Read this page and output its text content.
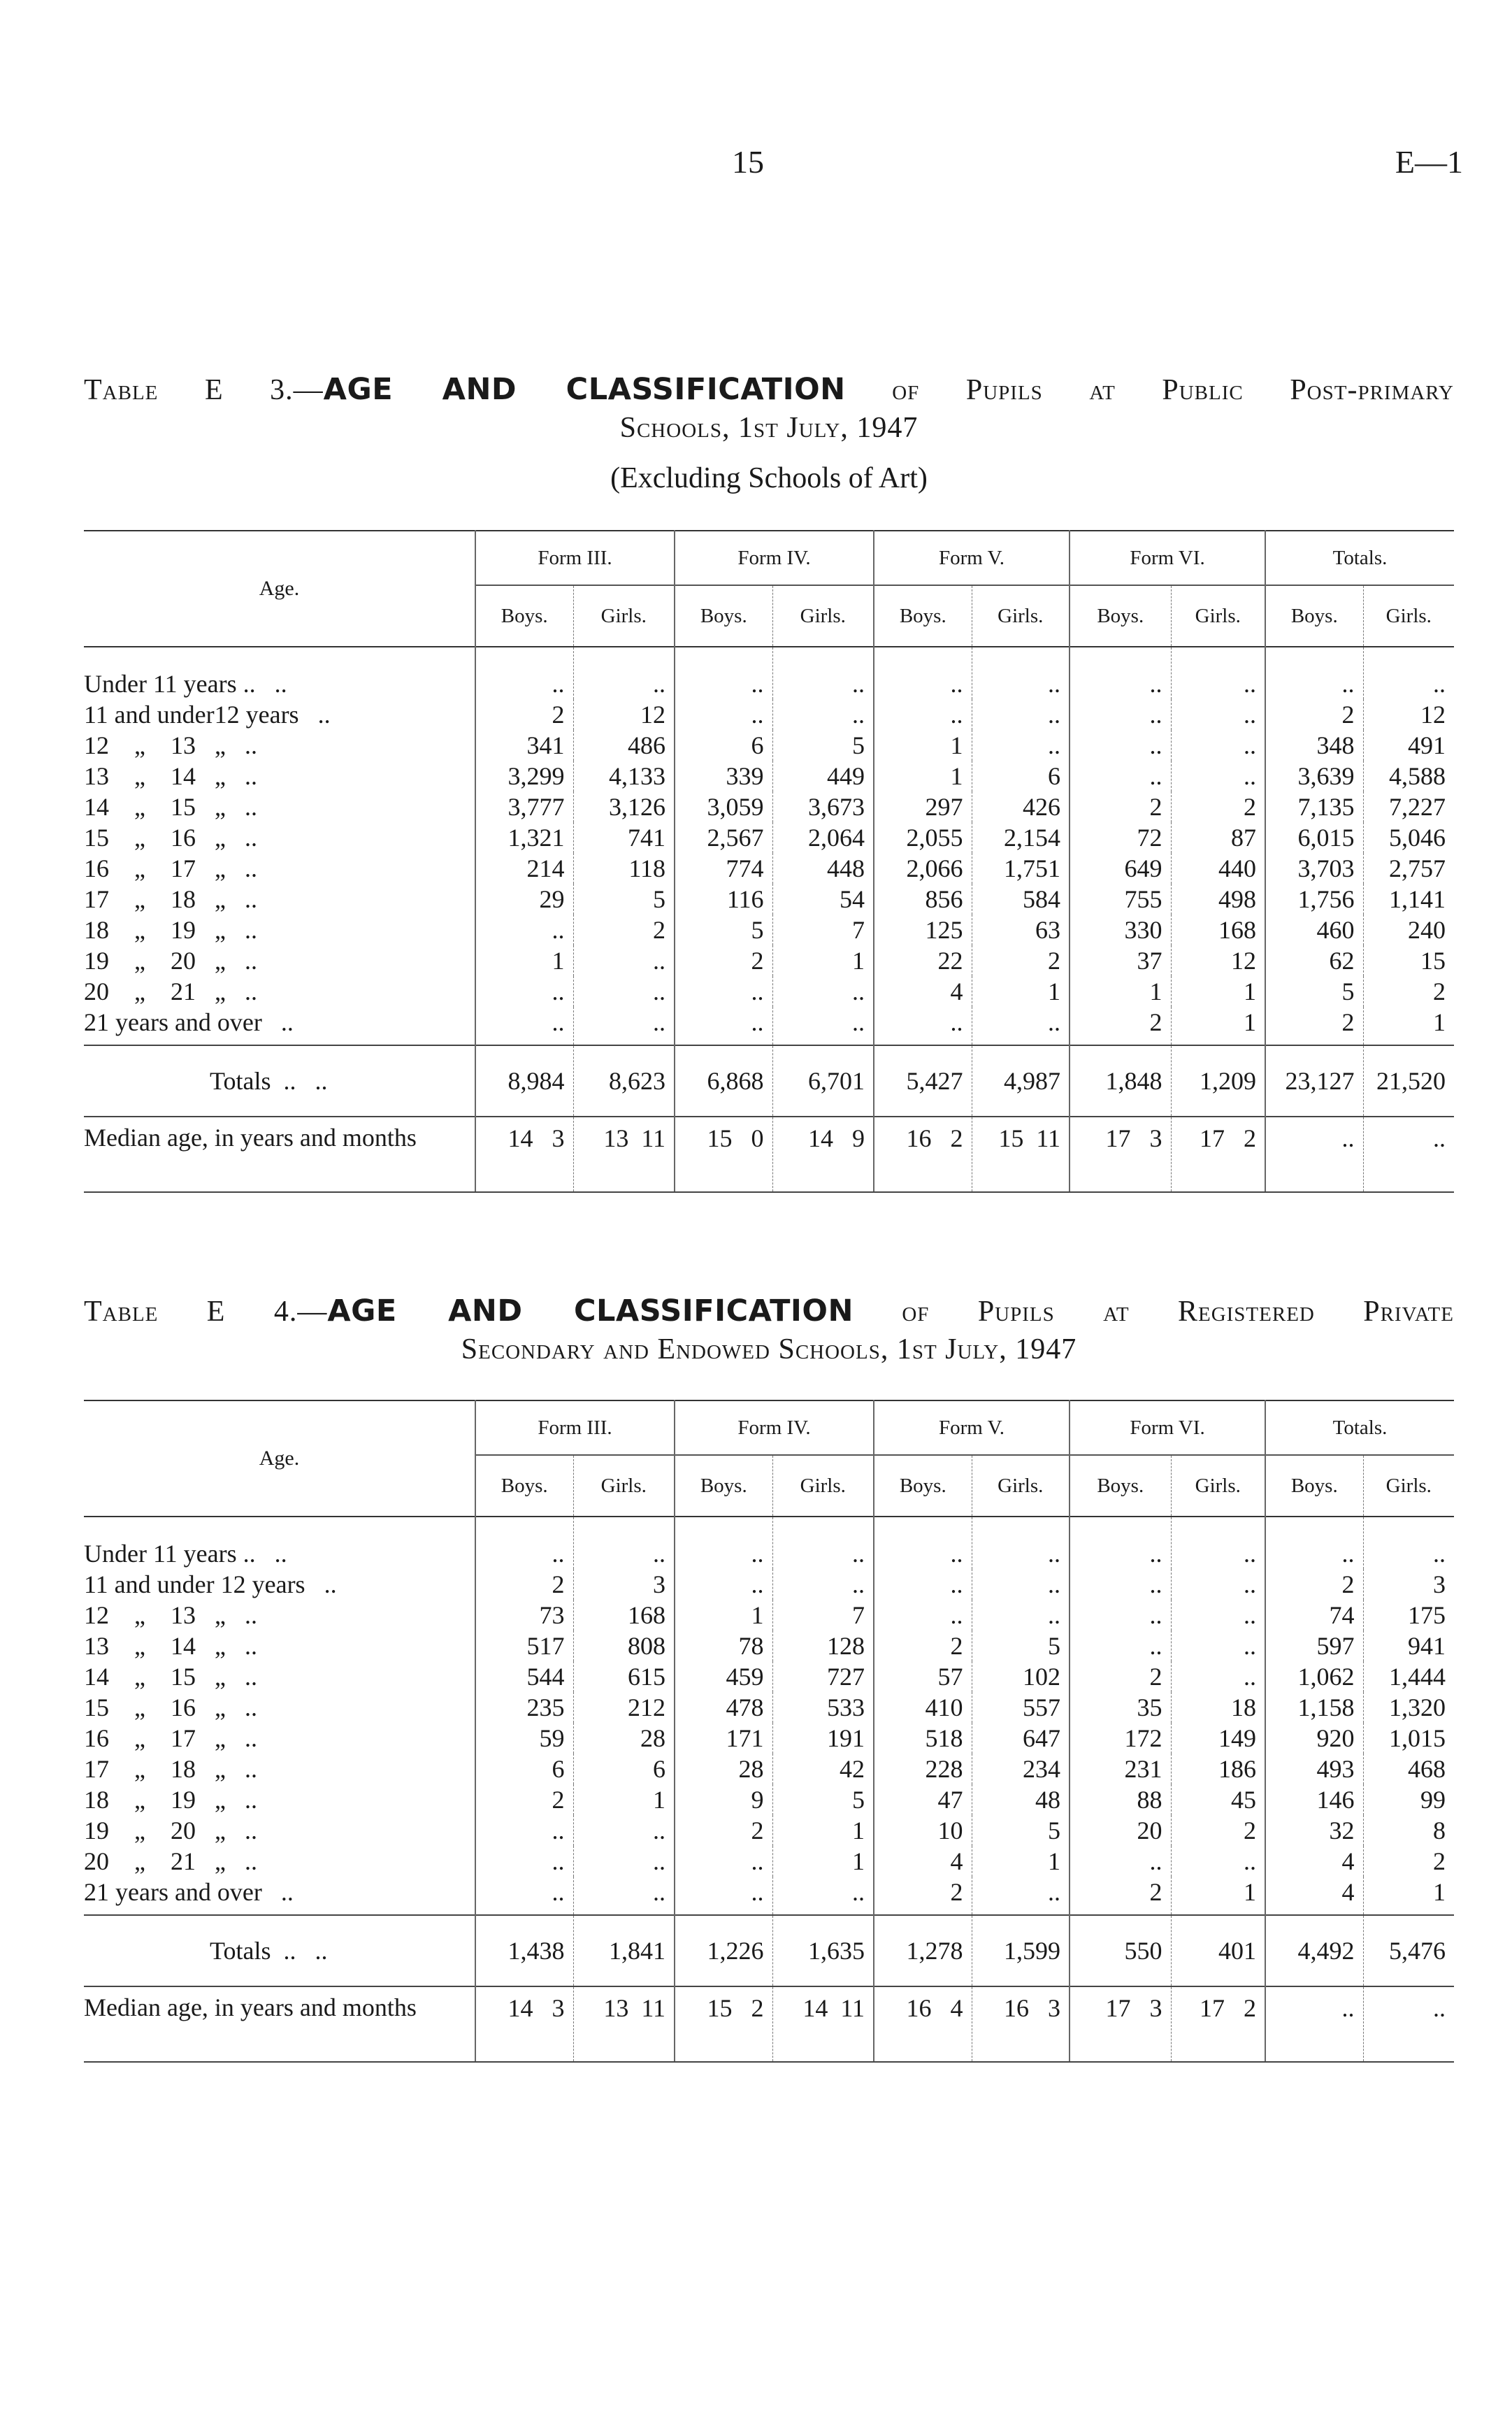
15	E—1
Table E 3.—AGE AND CLASSIFICATION of Pupils at Public Post-primary
Schools, 1st July, 1947
(Excluding Schools of Art)
Age.	Form III.		Form IV.		Form V.		Form VI.		Totals.	
	Boys.	Girls.	Boys.	Girls.	Boys.	Girls.	Boys.	Girls.	Boys.	Girls.
Under 11 years ..   ..	..	..	..	..	..	..	..	..	..	..
11 and under12 years   ..	2	12	..	..	..	..	..	..	2	12
12    „    13   „   ..	341	486	6	5	1	..	..	..	348	491
13    „    14   „   ..	3,299	4,133	339	449	1	6	..	..	3,639	4,588
14    „    15   „   ..	3,777	3,126	3,059	3,673	297	426	2	2	7,135	7,227
15    „    16   „   ..	1,321	741	2,567	2,064	2,055	2,154	72	87	6,015	5,046
16    „    17   „   ..	214	118	774	448	2,066	1,751	649	440	3,703	2,757
17    „    18   „   ..	29	5	116	54	856	584	755	498	1,756	1,141
18    „    19   „   ..	..	2	5	7	125	63	330	168	460	240
19    „    20   „   ..	1	..	2	1	22	2	37	12	62	15
20    „    21   „   ..	..	..	..	..	4	1	1	1	5	2
21 years and over   ..	..	..	..	..	..	..	2	1	2	1
Totals  ..   ..	8,984	8,623	6,868	6,701	5,427	4,987	1,848	1,209	23,127	21,520
Median age, in years and months	14   3	13  11	15   0	14   9	16   2	15  11	17   3	17   2	..	..
Table E 4.—AGE AND CLASSIFICATION of Pupils at Registered Private
Secondary and Endowed Schools, 1st July, 1947
Age.	Form III.		Form IV.		Form V.		Form VI.		Totals.	
	Boys.	Girls.	Boys.	Girls.	Boys.	Girls.	Boys.	Girls.	Boys.	Girls.
Under 11 years ..   ..	..	..	..	..	..	..	..	..	..	..
11 and under 12 years   ..	2	3	..	..	..	..	..	..	2	3
12    „    13   „   ..	73	168	1	7	..	..	..	..	74	175
13    „    14   „   ..	517	808	78	128	2	5	..	..	597	941
14    „    15   „   ..	544	615	459	727	57	102	2	..	1,062	1,444
15    „    16   „   ..	235	212	478	533	410	557	35	18	1,158	1,320
16    „    17   „   ..	59	28	171	191	518	647	172	149	920	1,015
17    „    18   „   ..	6	6	28	42	228	234	231	186	493	468
18    „    19   „   ..	2	1	9	5	47	48	88	45	146	99
19    „    20   „   ..	..	..	2	1	10	5	20	2	32	8
20    „    21   „   ..	..	..	..	1	4	1	..	..	4	2
21 years and over   ..	..	..	..	..	2	..	2	1	4	1
Totals  ..   ..	1,438	1,841	1,226	1,635	1,278	1,599	550	401	4,492	5,476
Median age, in years and months	14   3	13  11	15   2	14  11	16   4	16   3	17   3	17   2	..	..
